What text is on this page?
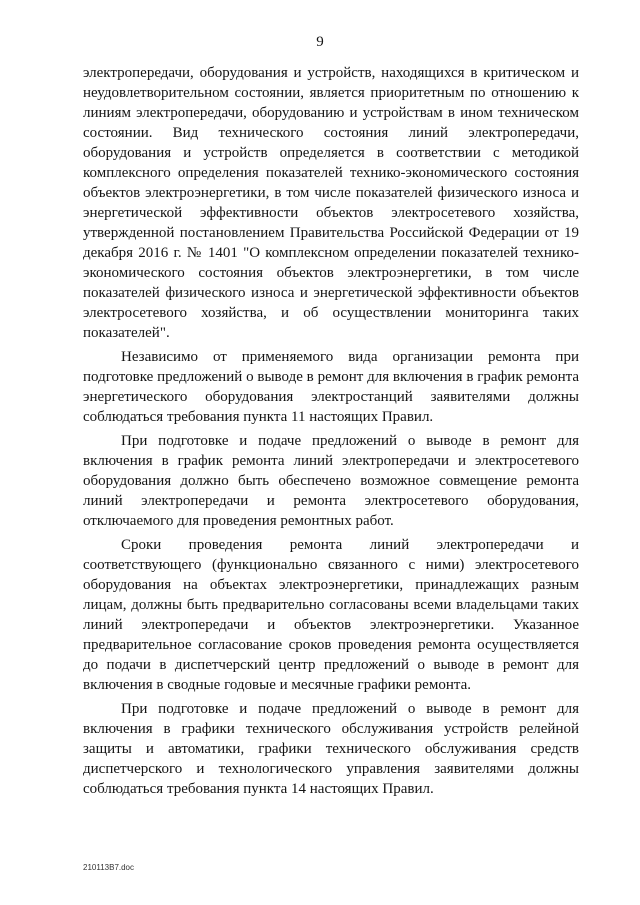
9

электропередачи, оборудования и устройств, находящихся в критическом и неудовлетворительном состоянии, является приоритетным по отношению к линиям электропередачи, оборудованию и устройствам в ином техническом состоянии. Вид технического состояния линий электропередачи, оборудования и устройств определяется в соответствии с методикой комплексного определения показателей технико-экономического состояния объектов электроэнергетики, в том числе показателей физического износа и энергетической эффективности объектов электросетевого хозяйства, утвержденной постановлением Правительства Российской Федерации от 19 декабря 2016 г. № 1401 "О комплексном определении показателей технико-экономического состояния объектов электроэнергетики, в том числе показателей физического износа и энергетической эффективности объектов электросетевого хозяйства, и об осуществлении мониторинга таких показателей".

Независимо от применяемого вида организации ремонта при подготовке предложений о выводе в ремонт для включения в график ремонта энергетического оборудования электростанций заявителями должны соблюдаться требования пункта 11 настоящих Правил.

При подготовке и подаче предложений о выводе в ремонт для включения в график ремонта линий электропередачи и электросетевого оборудования должно быть обеспечено возможное совмещение ремонта линий электропередачи и ремонта электросетевого оборудования, отключаемого для проведения ремонтных работ.

Сроки проведения ремонта линий электропередачи и соответствующего (функционально связанного с ними) электросетевого оборудования на объектах электроэнергетики, принадлежащих разным лицам, должны быть предварительно согласованы всеми владельцами таких линий электропередачи и объектов электроэнергетики. Указанное предварительное согласование сроков проведения ремонта осуществляется до подачи в диспетчерский центр предложений о выводе в ремонт для включения в сводные годовые и месячные графики ремонта.

При подготовке и подаче предложений о выводе в ремонт для включения в графики технического обслуживания устройств релейной защиты и автоматики, графики технического обслуживания средств диспетчерского и технологического управления заявителями должны соблюдаться требования пункта 14 настоящих Правил.

210113B7.doc
